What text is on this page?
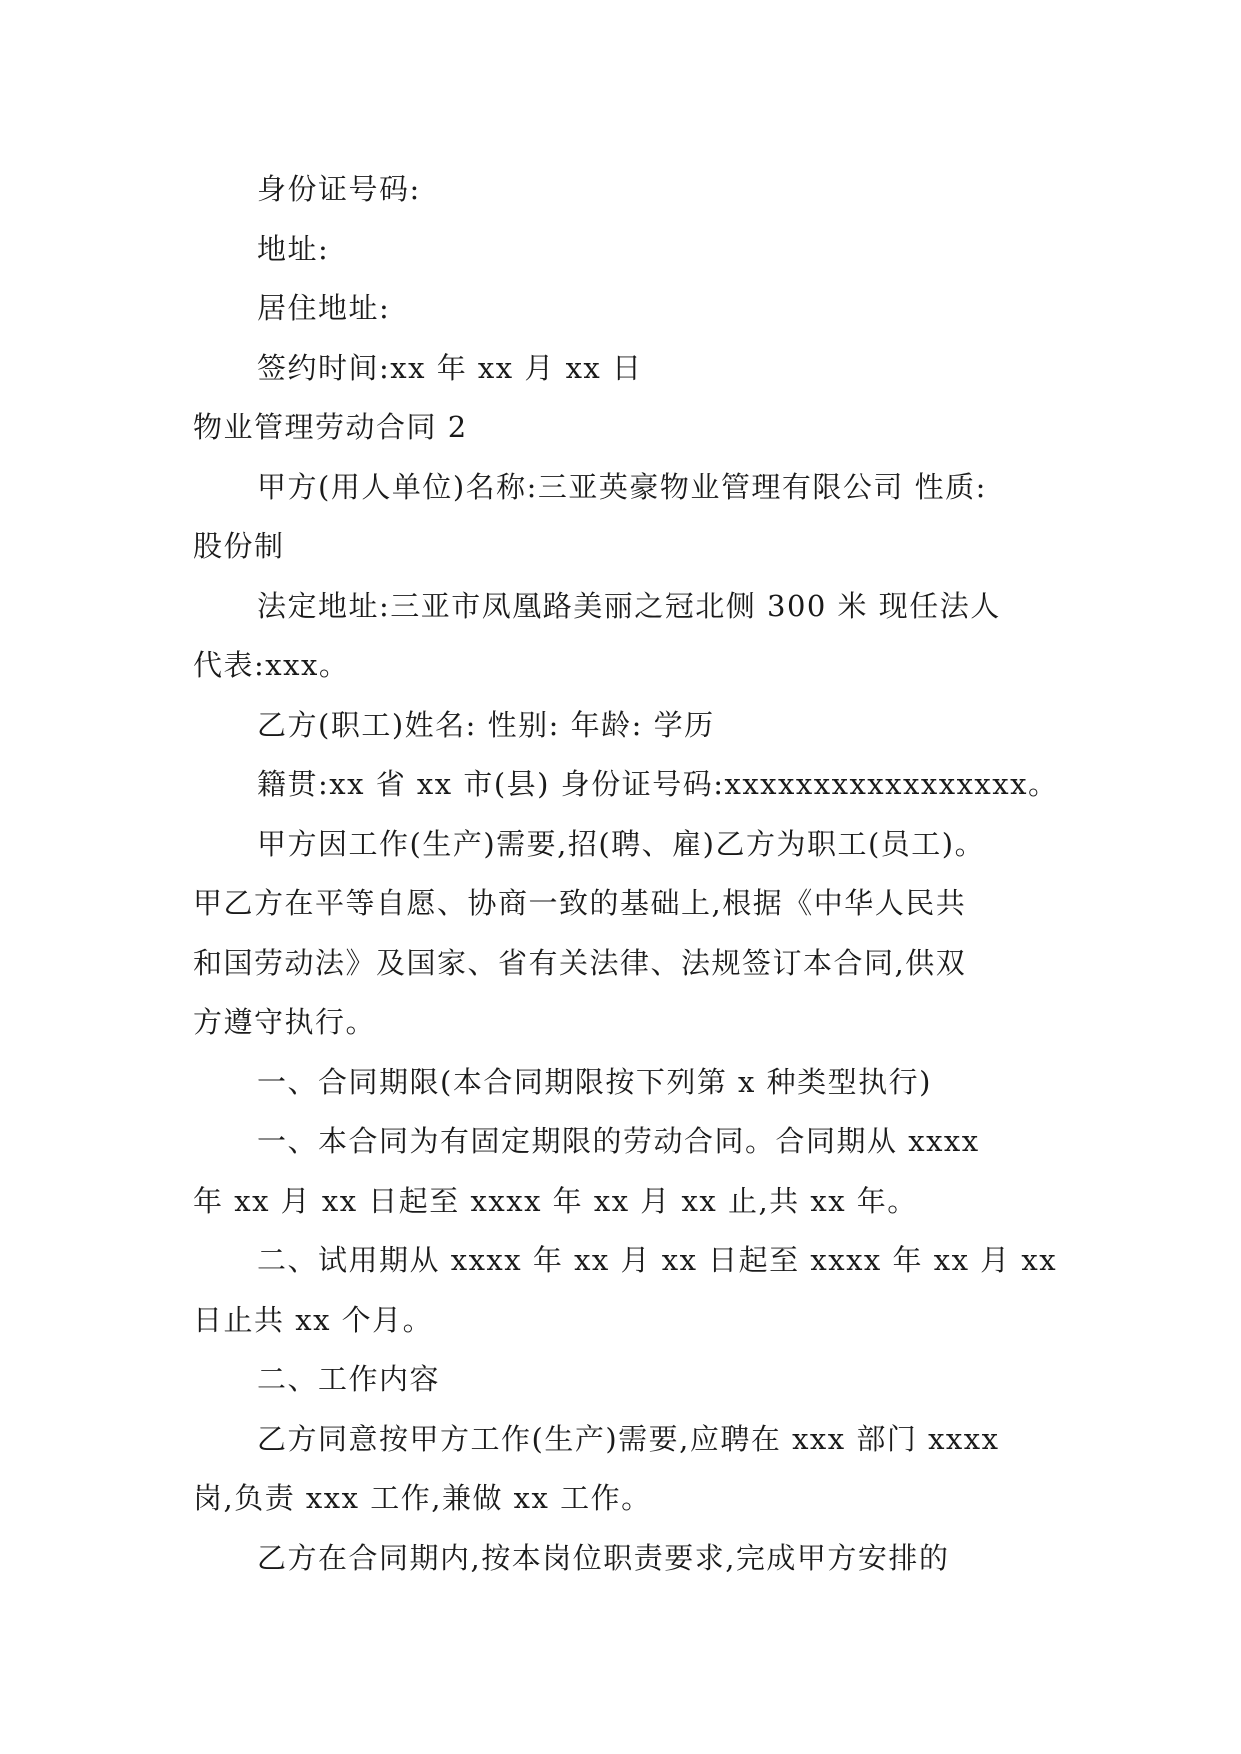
身份证号码:

地址:

居住地址:

签约时间:xx 年 xx 月 xx 日

物业管理劳动合同 2

甲方(用人单位)名称:三亚英豪物业管理有限公司 性质:
股份制

法定地址:三亚市凤凰路美丽之冠北侧 300 米 现任法人
代表:xxx。

乙方(职工)姓名: 性别: 年龄: 学历

籍贯:xx 省 xx 市(县) 身份证号码:xxxxxxxxxxxxxxxxx。

甲方因工作(生产)需要,招(聘、雇)乙方为职工(员工)。
甲乙方在平等自愿、协商一致的基础上,根据《中华人民共
和国劳动法》及国家、省有关法律、法规签订本合同,供双
方遵守执行。

一、合同期限(本合同期限按下列第 x 种类型执行)

一、本合同为有固定期限的劳动合同。合同期从 xxxx
年 xx 月 xx 日起至 xxxx 年 xx 月 xx 止,共 xx 年。

二、试用期从 xxxx 年 xx 月 xx 日起至 xxxx 年 xx 月 xx
日止共 xx 个月。

二、工作内容

乙方同意按甲方工作(生产)需要,应聘在 xxx 部门 xxxx
岗,负责 xxx 工作,兼做 xx 工作。

乙方在合同期内,按本岗位职责要求,完成甲方安排的
